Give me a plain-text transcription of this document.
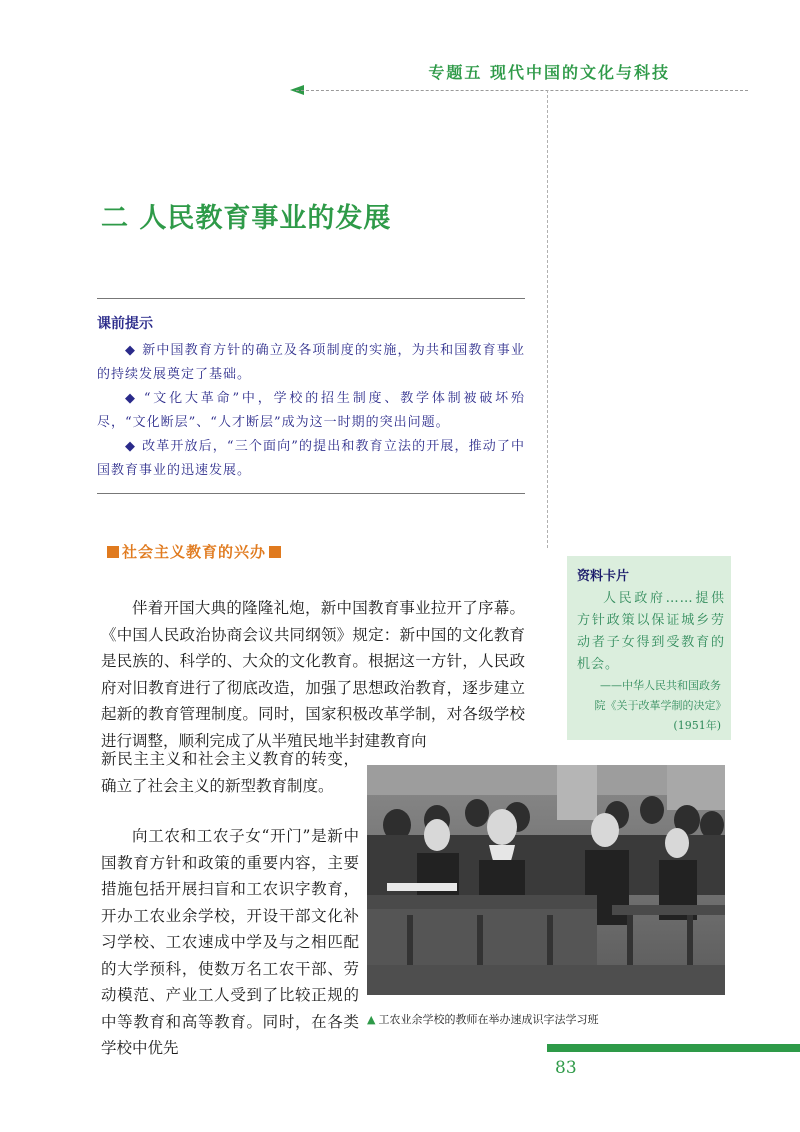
专题五 现代中国的文化与科技
二 人民教育事业的发展
课前提示
◆ 新中国教育方针的确立及各项制度的实施，为共和国教育事业的持续发展奠定了基础。
◆ “文化大革命”中，学校的招生制度、教学体制被破坏殆尽，“文化断层”、“人才断层”成为这一时期的突出问题。
◆ 改革开放后，“三个面向”的提出和教育立法的开展，推动了中国教育事业的迅速发展。
社会主义教育的兴办
伴着开国大典的隆隆礼炮，新中国教育事业拉开了序幕。《中国人民政治协商会议共同纲领》规定：新中国的文化教育是民族的、科学的、大众的文化教育。根据这一方针，人民政府对旧教育进行了彻底改造，加强了思想政治教育，逐步建立起新的教育管理制度。同时，国家积极改革学制，对各级学校进行调整，顺利完成了从半殖民地半封建教育向
新民主主义和社会主义教育的转变，确立了社会主义的新型教育制度。
向工农和工农子女“开门”是新中国教育方针和政策的重要内容，主要措施包括开展扫盲和工农识字教育，开办工农业余学校，开设干部文化补习学校、工农速成中学及与之相匹配的大学预科，使数万名工农干部、劳动模范、产业工人受到了比较正规的中等教育和高等教育。同时，在各类学校中优先
资料卡片
人民政府……提供方针政策以保证城乡劳动者子女得到受教育的机会。
——中华人民共和国政务院《关于改革学制的决定》(1951年)
▲ 工农业余学校的教师在举办速成识字法学习班
83
